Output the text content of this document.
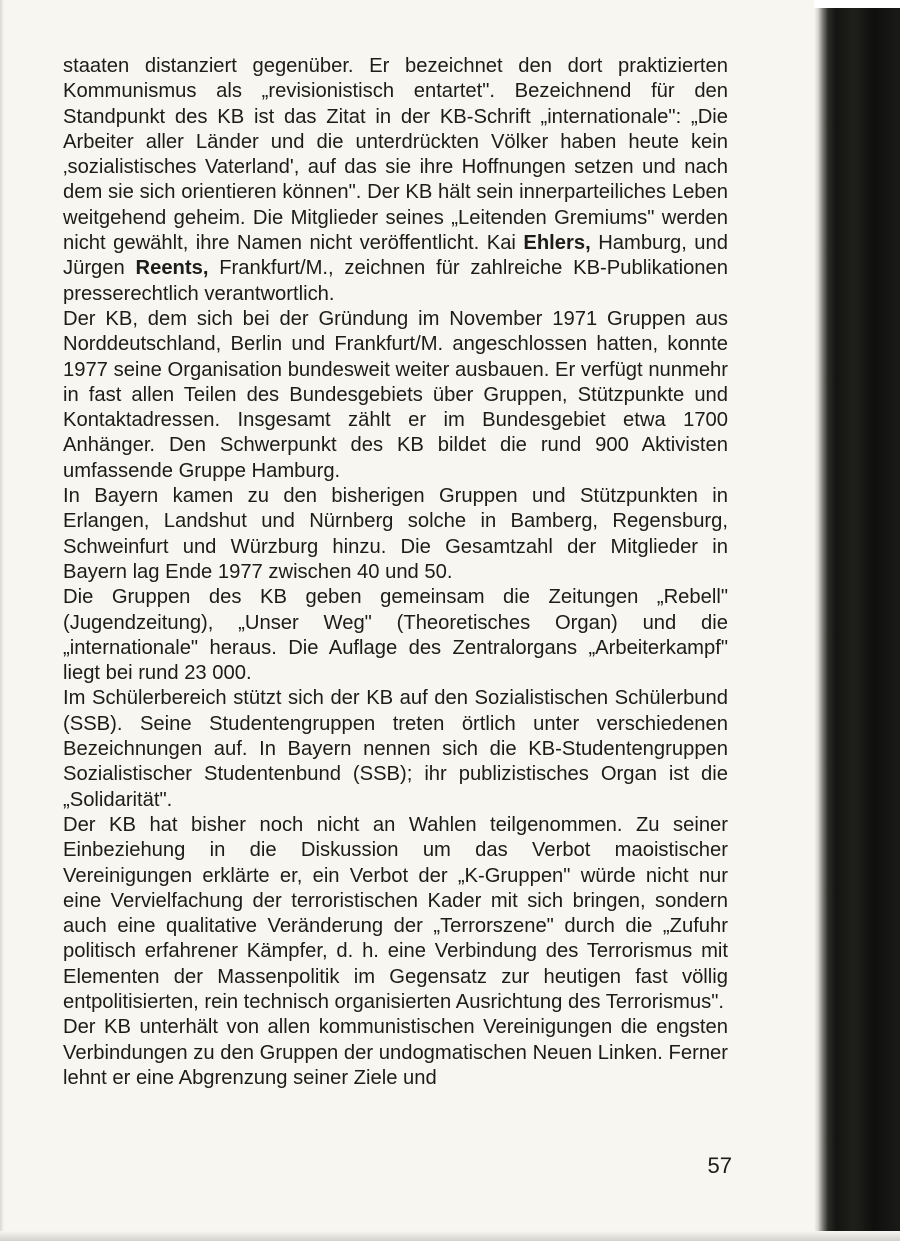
staaten distanziert gegenüber. Er bezeichnet den dort praktizierten Kommunismus als „revisionistisch entartet". Bezeichnend für den Standpunkt des KB ist das Zitat in der KB-Schrift „internationale": „Die Arbeiter aller Länder und die unterdrückten Völker haben heute kein ‚sozialistisches Vaterland', auf das sie ihre Hoffnungen setzen und nach dem sie sich orientieren können". Der KB hält sein innerparteiliches Leben weitgehend geheim. Die Mitglieder seines „Leitenden Gremiums" werden nicht gewählt, ihre Namen nicht veröffentlicht. Kai Ehlers, Hamburg, und Jürgen Reents, Frankfurt/M., zeichnen für zahlreiche KB-Publikationen presserechtlich verantwortlich.

Der KB, dem sich bei der Gründung im November 1971 Gruppen aus Norddeutschland, Berlin und Frankfurt/M. angeschlossen hatten, konnte 1977 seine Organisation bundesweit weiter ausbauen. Er verfügt nunmehr in fast allen Teilen des Bundesgebiets über Gruppen, Stützpunkte und Kontaktadressen. Insgesamt zählt er im Bundesgebiet etwa 1700 Anhänger. Den Schwerpunkt des KB bildet die rund 900 Aktivisten umfassende Gruppe Hamburg.

In Bayern kamen zu den bisherigen Gruppen und Stützpunkten in Erlangen, Landshut und Nürnberg solche in Bamberg, Regensburg, Schweinfurt und Würzburg hinzu. Die Gesamtzahl der Mitglieder in Bayern lag Ende 1977 zwischen 40 und 50.

Die Gruppen des KB geben gemeinsam die Zeitungen „Rebell" (Jugendzeitung), „Unser Weg" (Theoretisches Organ) und die „internationale" heraus. Die Auflage des Zentralorgans „Arbeiterkampf" liegt bei rund 23 000.

Im Schülerbereich stützt sich der KB auf den Sozialistischen Schülerbund (SSB). Seine Studentengruppen treten örtlich unter verschiedenen Bezeichnungen auf. In Bayern nennen sich die KB-Studentengruppen Sozialistischer Studentenbund (SSB); ihr publizistisches Organ ist die „Solidarität".

Der KB hat bisher noch nicht an Wahlen teilgenommen. Zu seiner Einbeziehung in die Diskussion um das Verbot maoistischer Vereinigungen erklärte er, ein Verbot der „K-Gruppen" würde nicht nur eine Vervielfachung der terroristischen Kader mit sich bringen, sondern auch eine qualitative Veränderung der „Terrorszene" durch die „Zufuhr politisch erfahrener Kämpfer, d. h. eine Verbindung des Terrorismus mit Elementen der Massenpolitik im Gegensatz zur heutigen fast völlig entpolitisierten, rein technisch organisierten Ausrichtung des Terrorismus".

Der KB unterhält von allen kommunistischen Vereinigungen die engsten Verbindungen zu den Gruppen der undogmatischen Neuen Linken. Ferner lehnt er eine Abgrenzung seiner Ziele und

57
